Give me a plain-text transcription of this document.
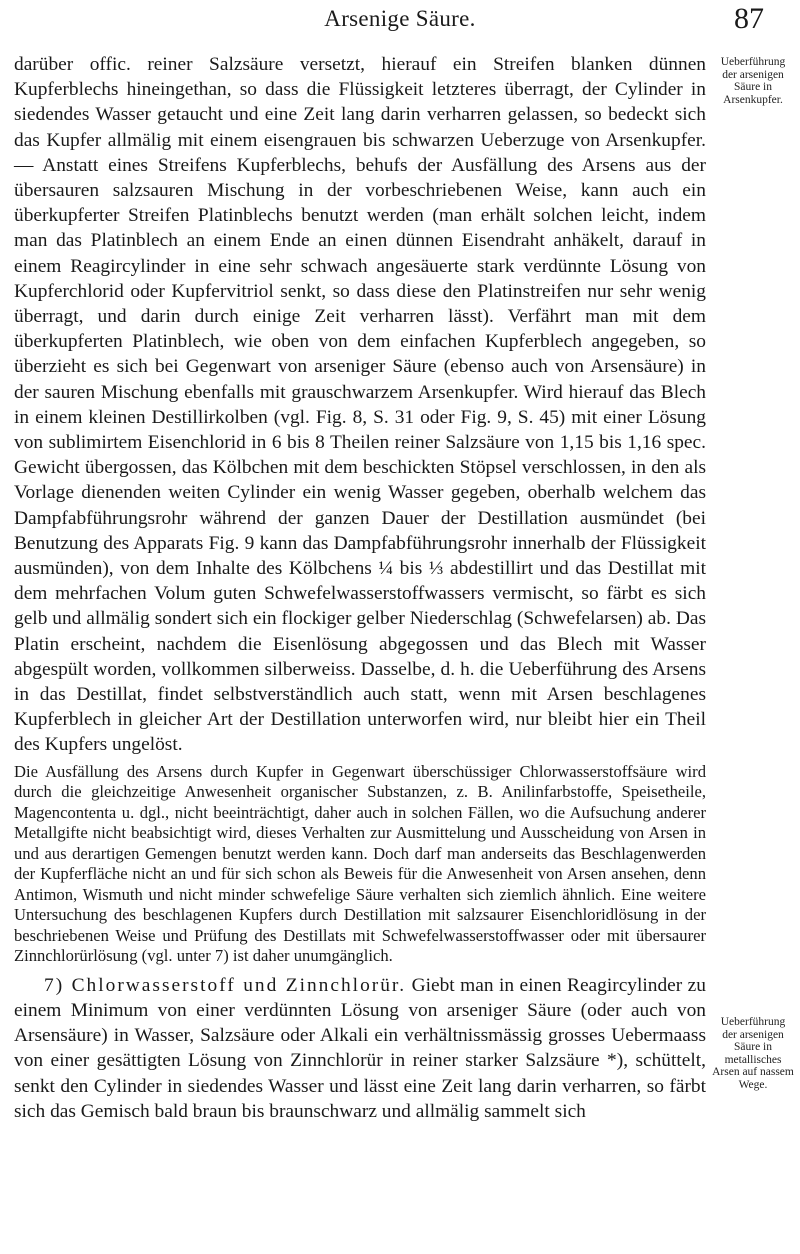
Arsenige Säure.	87

darüber offic. reiner Salzsäure versetzt, hierauf ein Streifen blanken dünnen Kupferblechs hineingethan, so dass die Flüssigkeit letzteres überragt, der Cylinder in siedendes Wasser getaucht und eine Zeit lang darin verharren gelassen, so bedeckt sich das Kupfer allmälig mit einem eisengrauen bis schwarzen Ueberzuge von Arsenkupfer. — Anstatt eines Streifens Kupferblechs, behufs der Ausfällung des Arsens aus der übersauren salzsauren Mischung in der vorbeschriebenen Weise, kann auch ein überkupferter Streifen Platinblechs benutzt werden (man erhält solchen leicht, indem man das Platinblech an einem Ende an einen dünnen Eisendraht anhäkelt, darauf in einem Reagircylinder in eine sehr schwach angesäuerte stark verdünnte Lösung von Kupferchlorid oder Kupfervitriol senkt, so dass diese den Platinstreifen nur sehr wenig überragt, und darin durch einige Zeit verharren lässt). Verfährt man mit dem überkupferten Platinblech, wie oben von dem einfachen Kupferblech angegeben, so überzieht es sich bei Gegenwart von arseniger Säure (ebenso auch von Arsensäure) in der sauren Mischung ebenfalls mit grauschwarzem Arsenkupfer. Wird hierauf das Blech in einem kleinen Destillirkolben (vgl. Fig. 8, S. 31 oder Fig. 9, S. 45) mit einer Lösung von sublimirtem Eisenchlorid in 6 bis 8 Theilen reiner Salzsäure von 1,15 bis 1,16 spec. Gewicht übergossen, das Kölbchen mit dem beschickten Stöpsel verschlossen, in den als Vorlage dienenden weiten Cylinder ein wenig Wasser gegeben, oberhalb welchem das Dampfabführungsrohr während der ganzen Dauer der Destillation ausmündet (bei Benutzung des Apparats Fig. 9 kann das Dampfabführungsrohr innerhalb der Flüssigkeit ausmünden), von dem Inhalte des Kölbchens ¼ bis ⅓ abdestillirt und das Destillat mit dem mehrfachen Volum guten Schwefelwasserstoffwassers vermischt, so färbt es sich gelb und allmälig sondert sich ein flockiger gelber Niederschlag (Schwefelarsen) ab. Das Platin erscheint, nachdem die Eisenlösung abgegossen und das Blech mit Wasser abgespült worden, vollkommen silberweiss. Dasselbe, d. h. die Ueberführung des Arsens in das Destillat, findet selbstverständlich auch statt, wenn mit Arsen beschlagenes Kupferblech in gleicher Art der Destillation unterworfen wird, nur bleibt hier ein Theil des Kupfers ungelöst.

Die Ausfällung des Arsens durch Kupfer in Gegenwart überschüssiger Chlorwasserstoffsäure wird durch die gleichzeitige Anwesenheit organischer Substanzen, z. B. Anilinfarbstoffe, Speisetheile, Magencontenta u. dgl., nicht beeinträchtigt, daher auch in solchen Fällen, wo die Aufsuchung anderer Metallgifte nicht beabsichtigt wird, dieses Verhalten zur Ausmittelung und Ausscheidung von Arsen in und aus derartigen Gemengen benutzt werden kann. Doch darf man anderseits das Beschlagenwerden der Kupferfläche nicht an und für sich schon als Beweis für die Anwesenheit von Arsen ansehen, denn Antimon, Wismuth und nicht minder schwefelige Säure verhalten sich ziemlich ähnlich. Eine weitere Untersuchung des beschlagenen Kupfers durch Destillation mit salzsaurer Eisenchloridlösung in der beschriebenen Weise und Prüfung des Destillats mit Schwefelwasserstoffwasser oder mit übersaurer Zinnchlorürlösung (vgl. unter 7) ist daher unumgänglich.

7) Chlorwasserstoff und Zinnchlorür. Giebt man in einen Reagircylinder zu einem Minimum von einer verdünnten Lösung von arseniger Säure (oder auch von Arsensäure) in Wasser, Salzsäure oder Alkali ein verhältnissmässig grosses Uebermaass von einer gesättigten Lösung von Zinnchlorür in reiner starker Salzsäure *), schüttelt, senkt den Cylinder in siedendes Wasser und lässt eine Zeit lang darin verharren, so färbt sich das Gemisch bald braun bis braunschwarz und allmälig sammelt sich

Ueberführung der arsenigen Säure in Arsenkupfer.
Ueberführung der arsenigen Säure in metallisches Arsen auf nassem Wege.
